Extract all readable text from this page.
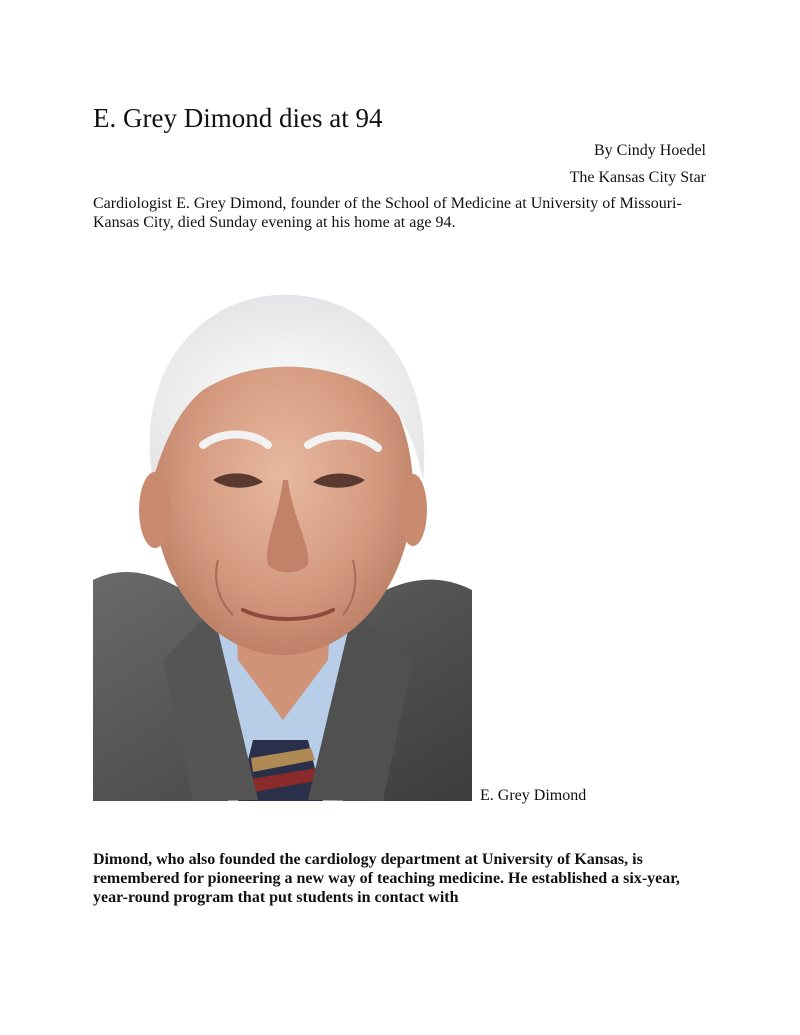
E. Grey Dimond dies at 94
By Cindy Hoedel
The Kansas City Star

Cardiologist E. Grey Dimond, founder of the School of Medicine at University of Missouri-Kansas City, died Sunday evening at his home at age 94.

E. Grey Dimond

Dimond, who also founded the cardiology department at University of Kansas, is remembered for pioneering a new way of teaching medicine. He established a six-year, year-round program that put students in contact with
